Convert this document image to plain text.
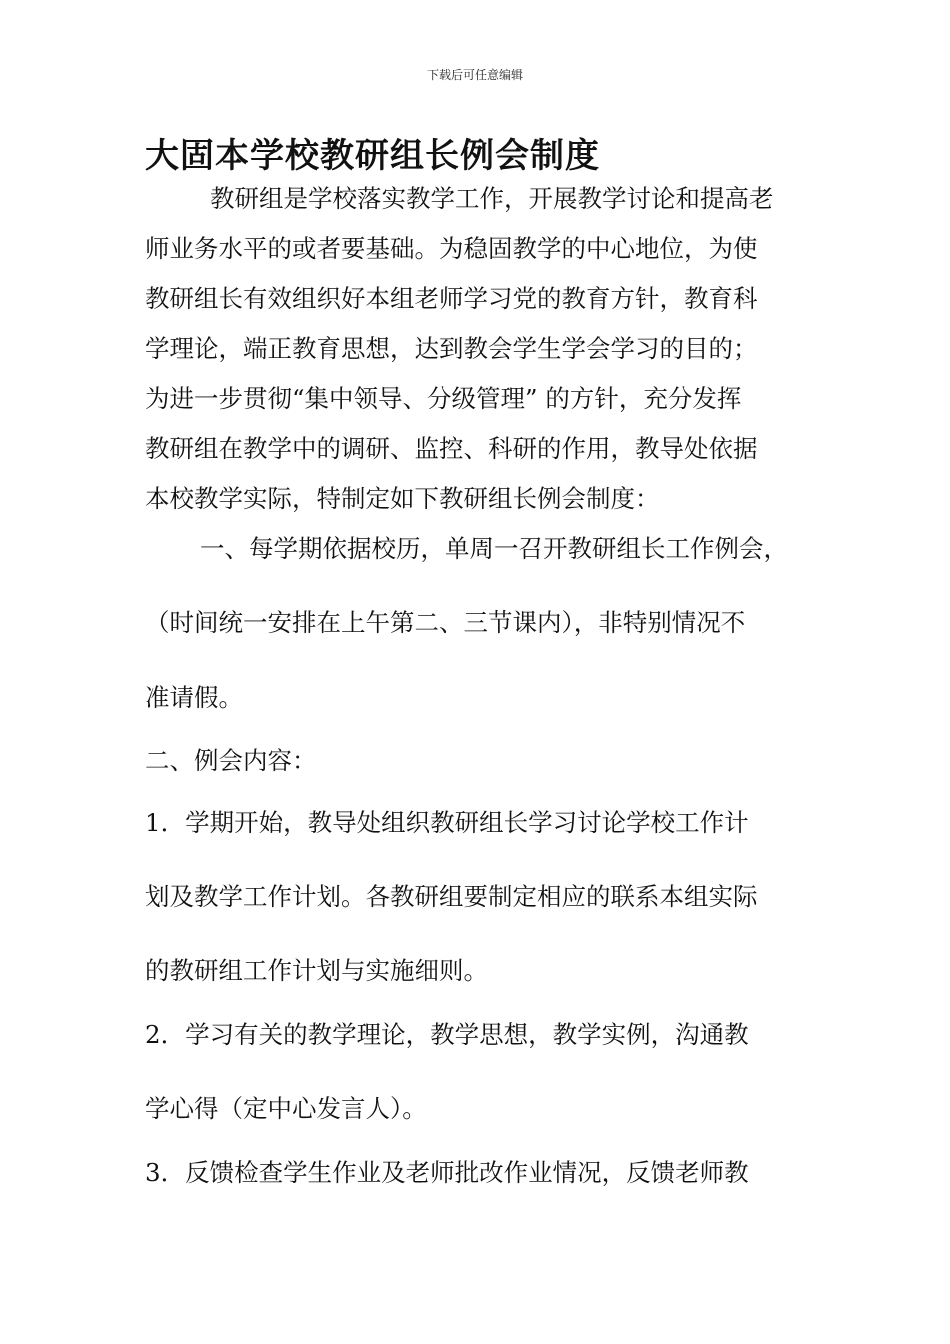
下载后可任意编辑
大固本学校教研组长例会制度
教研组是学校落实教学工作，开展教学讨论和提高老
师业务水平的或者要基础。为稳固教学的中心地位，为使
教研组长有效组织好本组老师学习党的教育方针，教育科
学理论，端正教育思想，达到教会学生学会学习的目的；
为进一步贯彻“集中领导、分级管理” 的方针，充分发挥
教研组在教学中的调研、监控、科研的作用，教导处依据
本校教学实际，特制定如下教研组长例会制度：
一、每学期依据校历，单周一召开教研组长工作例会，
（时间统一安排在上午第二、三节课内），非特别情况不
准请假。
二、例会内容：
1．学期开始，教导处组织教研组长学习讨论学校工作计
划及教学工作计划。各教研组要制定相应的联系本组实际
的教研组工作计划与实施细则。
2．学习有关的教学理论，教学思想，教学实例，沟通教
学心得（定中心发言人）。
3．反馈检查学生作业及老师批改作业情况，反馈老师教
